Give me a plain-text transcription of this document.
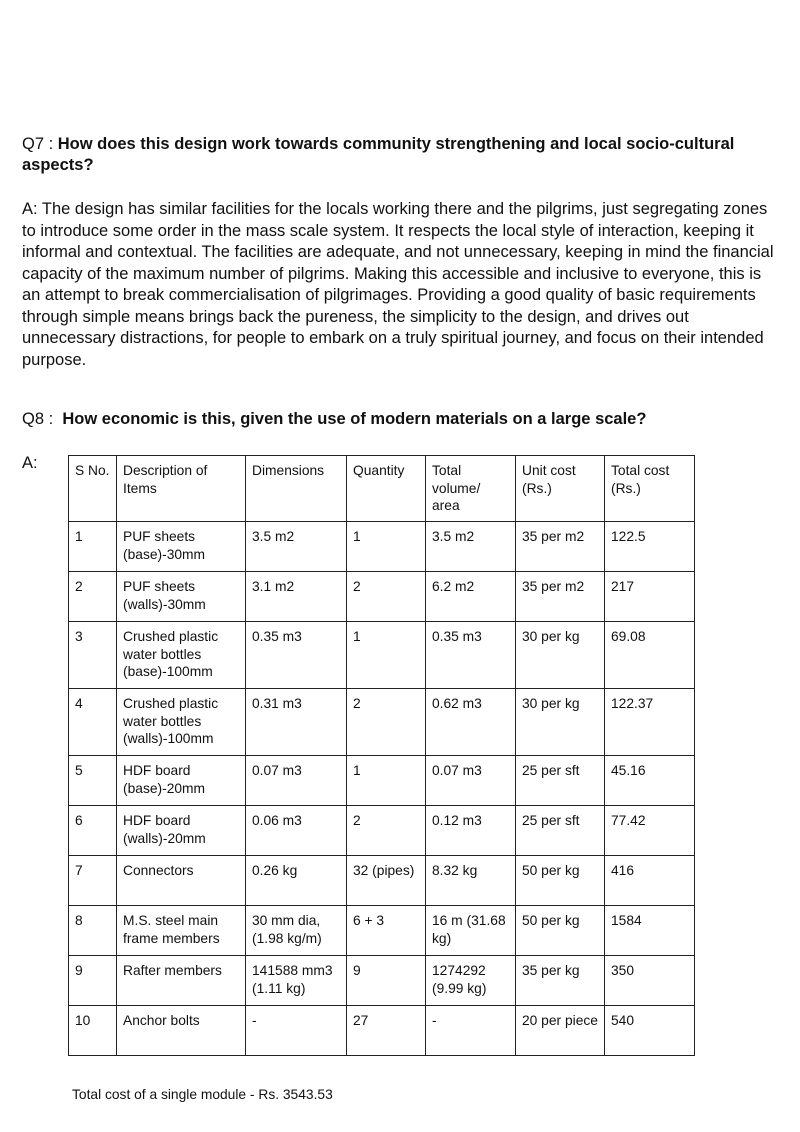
Q7 : How does this design work towards community strengthening and local socio-cultural aspects?
A: The design has similar facilities for the locals working there and the pilgrims, just segregating zones to introduce some order in the mass scale system. It respects the local style of interaction, keeping it informal and contextual. The facilities are adequate, and not unnecessary, keeping in mind the financial capacity of the maximum number of pilgrims. Making this accessible and inclusive to everyone, this is an attempt to break commercialisation of pilgrimages. Providing a good quality of basic requirements through simple means brings back the pureness, the simplicity to the design, and drives out unnecessary distractions, for people to embark on a truly spiritual journey, and focus on their intended purpose.
Q8 :  How economic is this, given the use of modern materials on a large scale?
A:	S No.	Description of Items	Dimensions	Quantity	Total volume/ area	Unit cost (Rs.)	Total cost (Rs.)
1	PUF sheets (base)-30mm	3.5 m2	1	3.5 m2	35 per m2	122.5
2	PUF sheets (walls)-30mm	3.1 m2	2	6.2 m2	35 per m2	217
3	Crushed plastic water bottles (base)-100mm	0.35 m3	1	0.35 m3	30 per kg	69.08
4	Crushed plastic water bottles (walls)-100mm	0.31 m3	2	0.62 m3	30 per kg	122.37
5	HDF board (base)-20mm	0.07 m3	1	0.07 m3	25 per sft	45.16
6	HDF board (walls)-20mm	0.06 m3	2	0.12 m3	25 per sft	77.42
7	Connectors	0.26 kg	32 (pipes)	8.32 kg	50 per kg	416
8	M.S. steel main frame members	30 mm dia, (1.98 kg/m)	6 + 3	16 m (31.68 kg)	50 per kg	1584
9	Rafter members	141588 mm3 (1.11 kg)	9	1274292 (9.99 kg)	35 per kg	350
10	Anchor bolts	-	27	-	20 per piece	540
Total cost of a single module - Rs. 3543.53
